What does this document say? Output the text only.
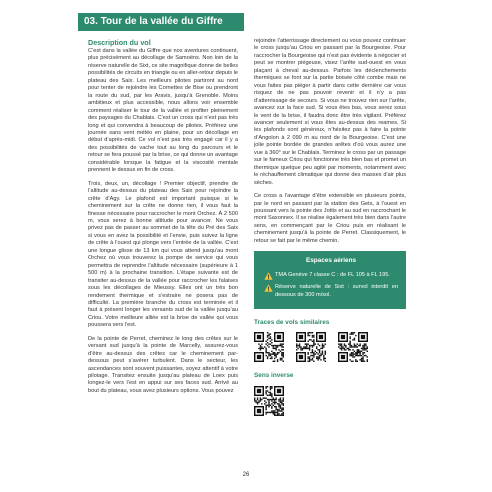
03. Tour de la vallée du Giffre
Description du vol

C’est dans la vallée du Giffre que nos aventures continuent, plus précisément au décollage de Samoëns. Non loin de la réserve naturelle de Sixt, ce site magnifique donne de belles possibilités de circuits en triangle ou en aller-retour depuis le plateau des Saix. Les meilleurs pilotes partiront au nord pour tenter de rejoindre les Cornettes de Bise ou prendront la route du sud, par les Aravis, jusqu’à Grenoble. Moins ambitieux et plus accessible, nous allons voir ensemble comment réaliser le tour de la vallée et profiter pleinement des paysages du Chablais. C’est un cross qui n’est pas très long et qui convendra à beaucoup de pilotes. Préférez une journée sans vent météo en plaine, pour un décollage en début d’après-midi. Ce vol n’est pas très engagé car il y a des possibilités de vache tout au long du parcours et le retour se fera poussé par la brise, ce qui donne un avantage considérable lorsque la fatigue et la viscosité mentale prennent le dessus en fin de cross.

Trois, deux, un, décollage ! Premier objectif, prendre de l’altitude au-dessus du plateau des Saix pour rejoindre la crête d’Agy. Le plafond est important puisque si le cheminement sur la crête ne donne rien, il vous faut la finesse nécessaire pour raccrocher le mont Orchez. À 2 500 m, vous serez à bonne altitude pour avancer. Ne vous privez pas de passer au sommet de la tête du Pré des Saix si vous en avez la possibilité et l’envie, puis suivez la ligne de crête à l’ouest qui plonge vers l’entrée de la vallée. C’est une longue glisse de 13 km qui vous attend jusqu’au mont Orchez où vous trouverez la pompe de service qui vous permettra de reprendre l’altitude nécessaire (supérieure à 1 500 m) à la prochaine transition. L’étape suivante est de transiter au-dessus de la vallée pour raccrocher les falaises sous les décollages de Mieussy. Elles ont un très bon rendement thermique et s’estraire ne posera pas de difficulté. La première branche du cross est terminée et il faut à présent longer les versants sud de la vallée jusqu’au Criou. Votre meilleure alliée est la brise de vallée qui vous poussera vers l’est.

De la pointe de Perret, cheminez le long des crêtes sur le versant sud jusqu’à la pointe de Marcelly, assurez-vous d’être au-dessus des crêtes car le cheminement par-dessous peut s’avérer turbulent. Dans le secteur, les ascendances sont souvent puissantes, soyez attentif à votre pilotage. Transitez ensuite jusqu’au plateau de Loex puis longez-le vers l’est en appui sur ses faces sud. Arrivé au bout du plateau, vous avez plusieurs options. Vous pouvez

rejoindre l’atterrissage directement ou vous pouvez continuer le cross jusqu’au Criou en passant par la Bourgeoise. Pour raccrocher la Bourgeoise qui n’est pas évidente à négocier et peut se montrer piégeuse, visez l’arête sud-ouest en vous plaçant à cheval au-dessus. Parfois les déclenchements thermiques se font sur la partie boisée côté combe mais ne vous faites pas piéger à partir dans cette dernière car vous risquez de ne pas pouvoir revenir et il n’y a pas d’atterrissage de secours. Si vous ne trouvez rien sur l’arête, avancez sur la face sud. Si vous êtes bas, vous serez sous le vent de la brise, il faudra donc être très vigilant. Préférez avancer seulement si vous êtes au-dessus des reames. Si les plafonds sont généreux, n’hésitez pas à faire la pointe d’Angolon à 2 090 m au nord de la Bourgeoise. C’est une jolie pointe bordée de grandes arêtes d’où vous aurez une vue à 360° sur le Chablais. Terminez le cross par un passage sur le fameux Criou qui fonctionne très bien bas et promet un thermique quelque peu agité par moments, notamment avec le réchauffement climatique qui donne des masses d’air plus sèches.

Ce cross a l’avantage d’être extensible en plusieurs points, par le nord en passant par la station des Gets, à l’ouest en poussant vers la pointe des Jottis et au sud en raccrochant le mont Saxonnex. Il se réalise également très bien dans l’autre sens, en commençant par le Criou puis en réalisant le cheminement jusqu’à la pointe de Perret. Classiquement, le retour se fait par le même chemin.

Espaces aériens
TMA Genève 7 classe C : de FL 105 à FL 195.
Réserve naturelle de Sixt : survol interdit en dessous de 300 m/sol.
Traces de vols similaires
Sens inverse
26
